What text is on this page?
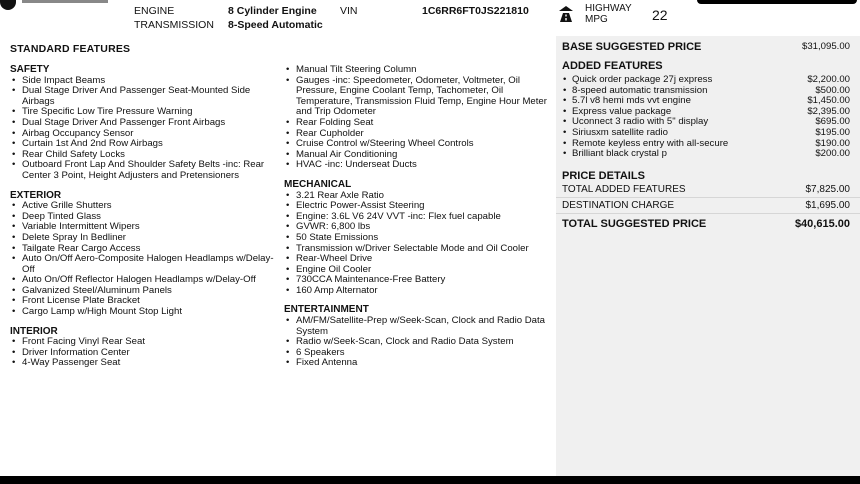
ENGINE	8 Cylinder Engine
TRANSMISSION 8-Speed Automatic
VIN	1C6RR6FT0JS221810	HIGHWAY MPG	22
STANDARD FEATURES
SAFETY
• Side Impact Beams
• Dual Stage Driver And Passenger Seat-Mounted Side Airbags
• Tire Specific Low Tire Pressure Warning
• Dual Stage Driver And Passenger Front Airbags
• Airbag Occupancy Sensor
• Curtain 1st And 2nd Row Airbags
• Rear Child Safety Locks
• Outboard Front Lap And Shoulder Safety Belts -inc: Rear Center 3 Point, Height Adjusters and Pretensioners
EXTERIOR
• Active Grille Shutters
• Deep Tinted Glass
• Variable Intermittent Wipers
• Delete Spray In Bedliner
• Tailgate Rear Cargo Access
• Auto On/Off Aero-Composite Halogen Headlamps w/Delay-Off
• Auto On/Off Reflector Halogen Headlamps w/Delay-Off
• Galvanized Steel/Aluminum Panels
• Front License Plate Bracket
• Cargo Lamp w/High Mount Stop Light
INTERIOR
• Front Facing Vinyl Rear Seat
• Driver Information Center
• 4-Way Passenger Seat
• Manual Tilt Steering Column
• Gauges -inc: Speedometer, Odometer, Voltmeter, Oil Pressure, Engine Coolant Temp, Tachometer, Oil Temperature, Transmission Fluid Temp, Engine Hour Meter and Trip Odometer
• Rear Folding Seat
• Rear Cupholder
• Cruise Control w/Steering Wheel Controls
• Manual Air Conditioning
• HVAC -inc: Underseat Ducts
MECHANICAL
• 3.21 Rear Axle Ratio
• Electric Power-Assist Steering
• Engine: 3.6L V6 24V VVT -inc: Flex fuel capable
• GVWR: 6,800 lbs
• 50 State Emissions
• Transmission w/Driver Selectable Mode and Oil Cooler
• Rear-Wheel Drive
• Engine Oil Cooler
• 730CCA Maintenance-Free Battery
• 160 Amp Alternator
ENTERTAINMENT
• AM/FM/Satellite-Prep w/Seek-Scan, Clock and Radio Data System
• Radio w/Seek-Scan, Clock and Radio Data System
• 6 Speakers
• Fixed Antenna
BASE SUGGESTED PRICE	$31,095.00
ADDED FEATURES
• Quick order package 27j express	$2,200.00
• 8-speed automatic transmission	$500.00
• 5.7l v8 hemi mds vvt engine	$1,450.00
• Express value package	$2,395.00
• Uconnect 3 radio with 5" display	$695.00
• Siriusxm satellite radio	$195.00
• Remote keyless entry with all-secure	$190.00
• Brilliant black crystal p	$200.00
PRICE DETAILS
TOTAL ADDED FEATURES	$7,825.00
DESTINATION CHARGE	$1,695.00
TOTAL SUGGESTED PRICE	$40,615.00
